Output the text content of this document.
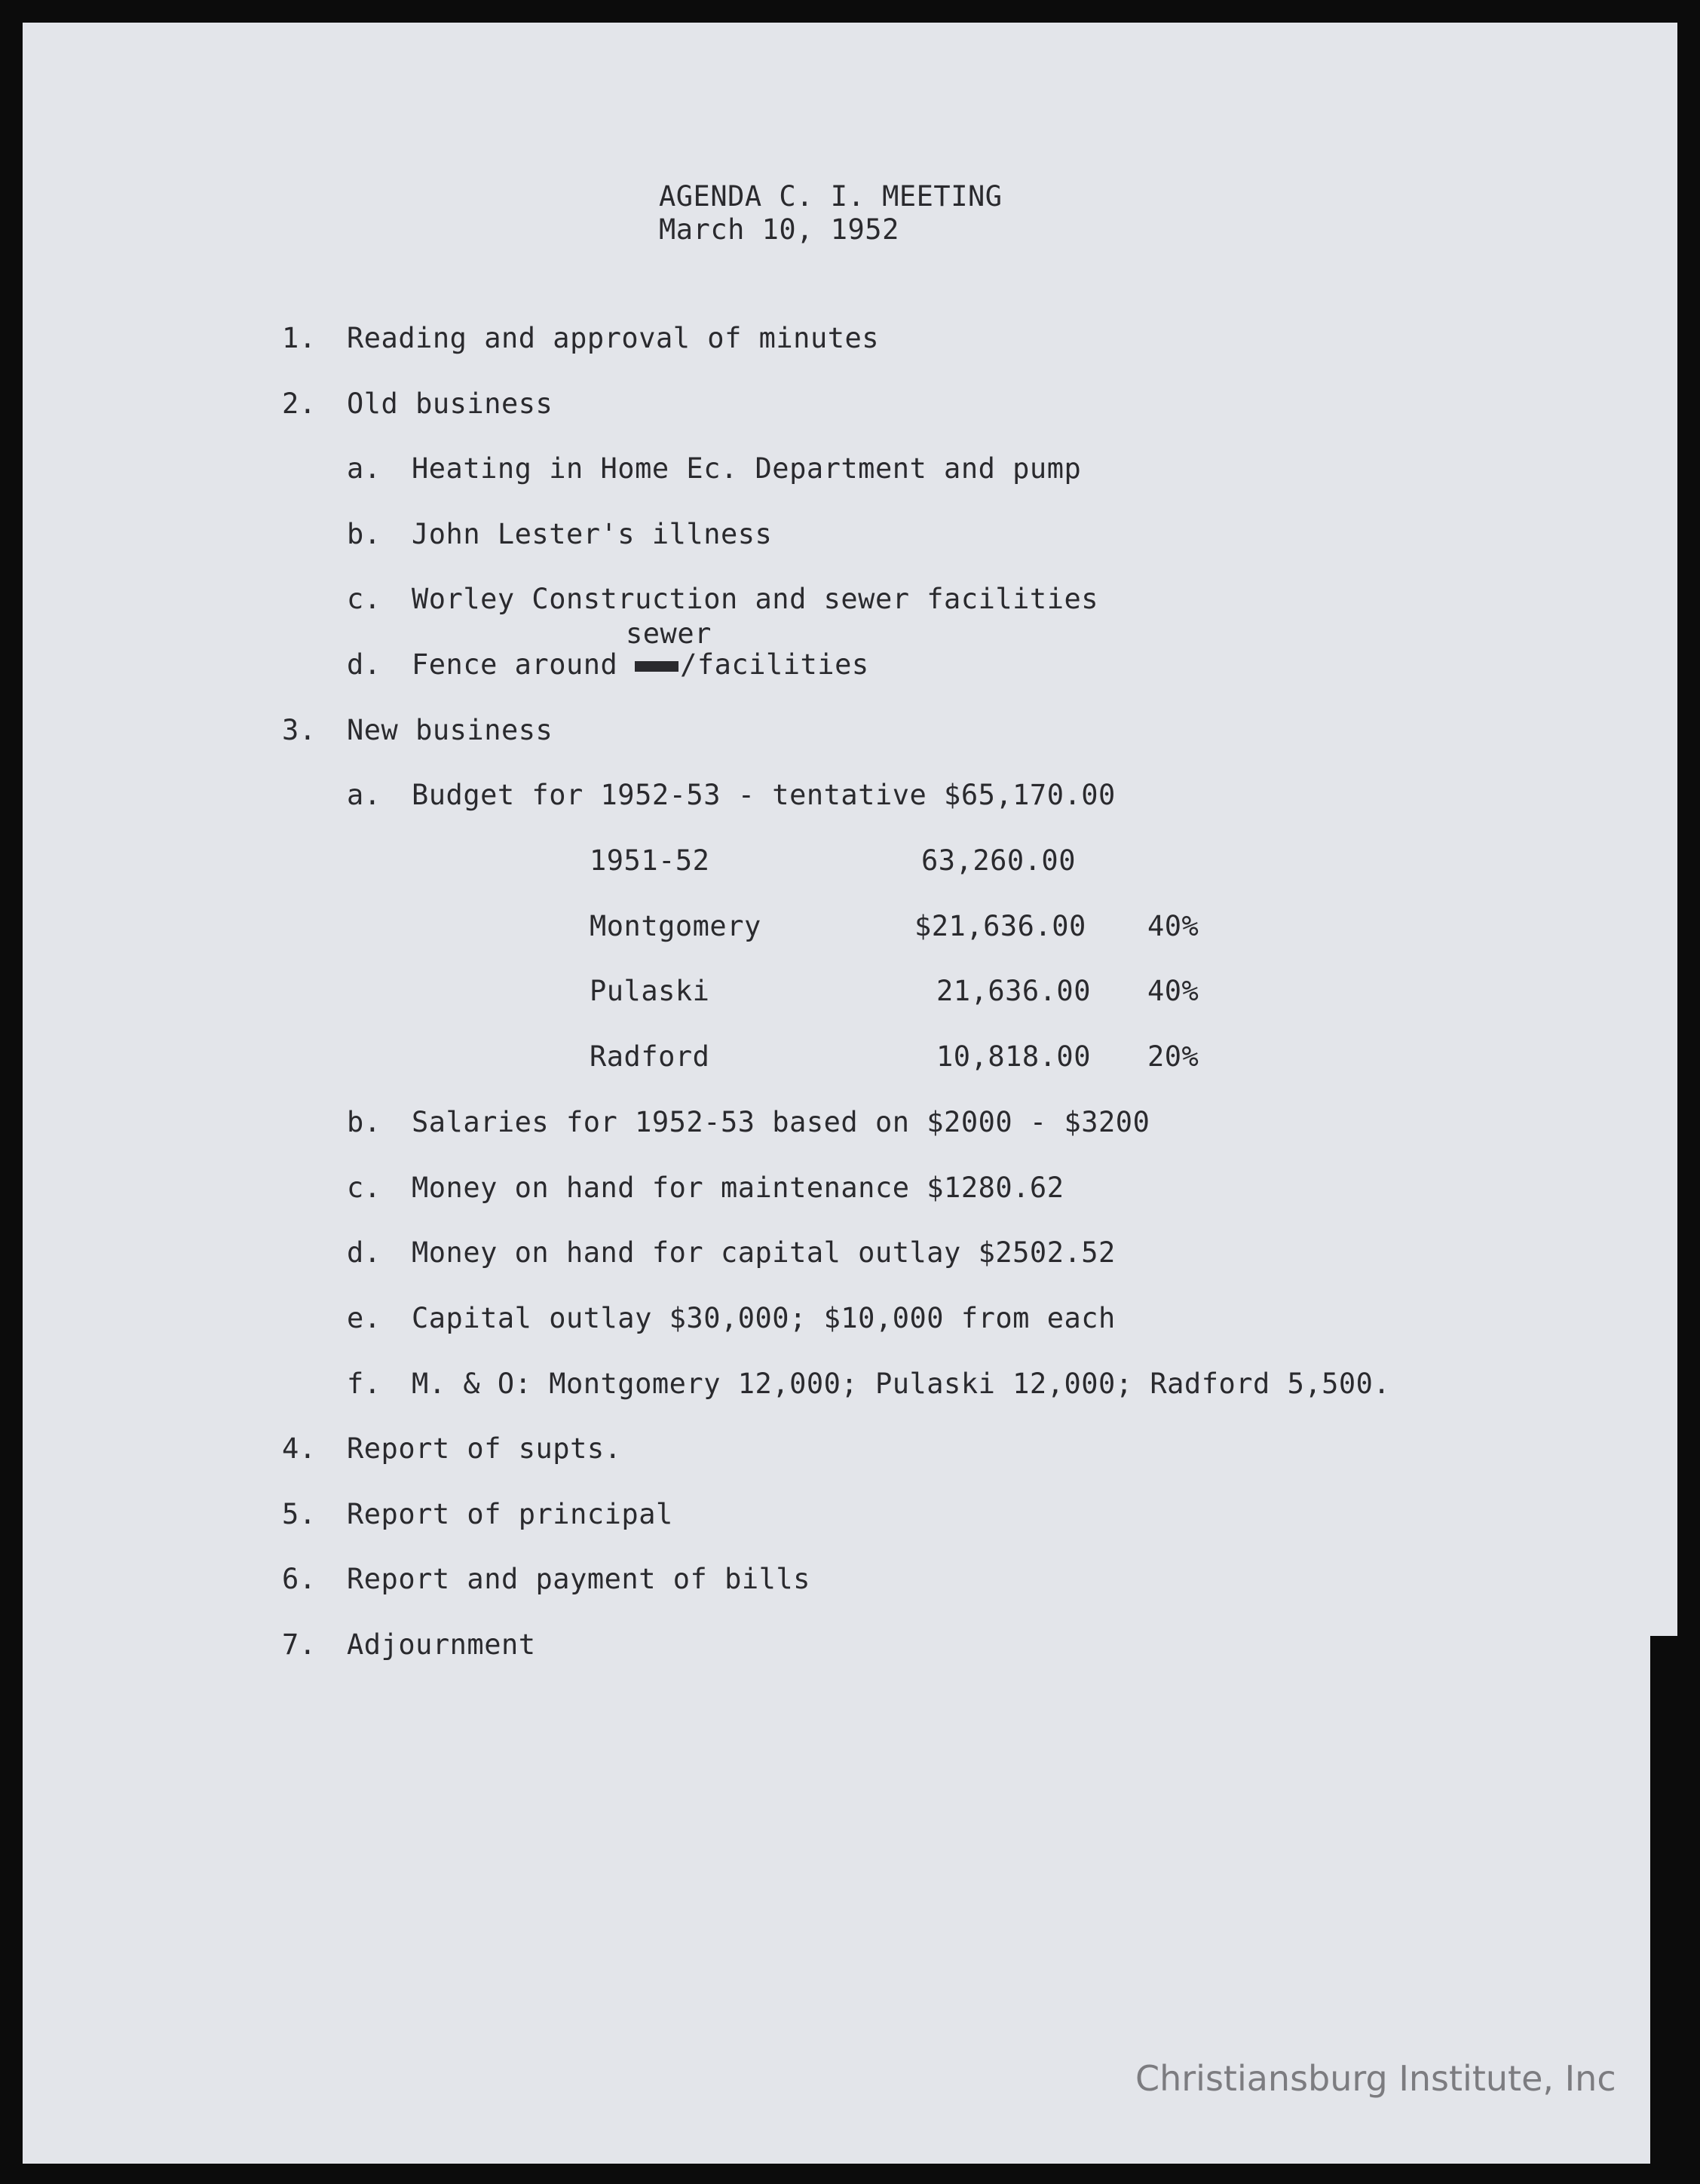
AGENDA C. I. MEETING
March 10, 1952
1. Reading and approval of minutes
2. Old business
a. Heating in Home Ec. Department and pump
b. John Lester's illness
c. Worley Construction and sewer facilities
sewer
d. Fence around /facilities
3. New business
a. Budget for 1952-53 - tentative $65,170.00
1951-52	63,260.00
Montgomery	$21,636.00 40%
Pulaski	21,636.00 40%
Radford	10,818.00 20%
b. Salaries for 1952-53 based on $2000 - $3200
c. Money on hand for maintenance $1280.62
d. Money on hand for capital outlay $2502.52
e. Capital outlay $30,000; $10,000 from each
f. M. & O: Montgomery 12,000; Pulaski 12,000; Radford 5,500.
4. Report of supts.
5. Report of principal
6. Report and payment of bills
7. Adjournment
Christiansburg Institute, Inc
